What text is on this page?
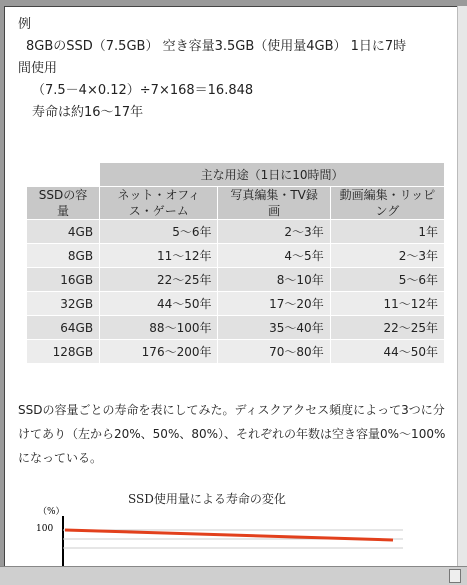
例
8GBのSSD（7.5GB） 空き容量3.5GB（使用量4GB） 1日に7時
間使用
（7.5－4×0.12）÷7×168＝16.848
寿命は約16～17年
	主な用途（1日に10時間）		
SSDの容量	ネット・オフィス・ゲーム	写真編集・TV録画	動画編集・リッピング
4GB	5～6年	2～3年	1年
8GB	11～12年	4～5年	2～3年
16GB	22～25年	8～10年	5～6年
32GB	44～50年	17～20年	11～12年
64GB	88～100年	35～40年	22～25年
128GB	176～200年	70～80年	44～50年
SSDの容量ごとの寿命を表にしてみた。ディスクアクセス頻度によって3つに分けてあり（左から20%、50%、80%）、それぞれの年数は空き容量0%～100%になっている。
SSD使用量による寿命の変化
（%）
100
